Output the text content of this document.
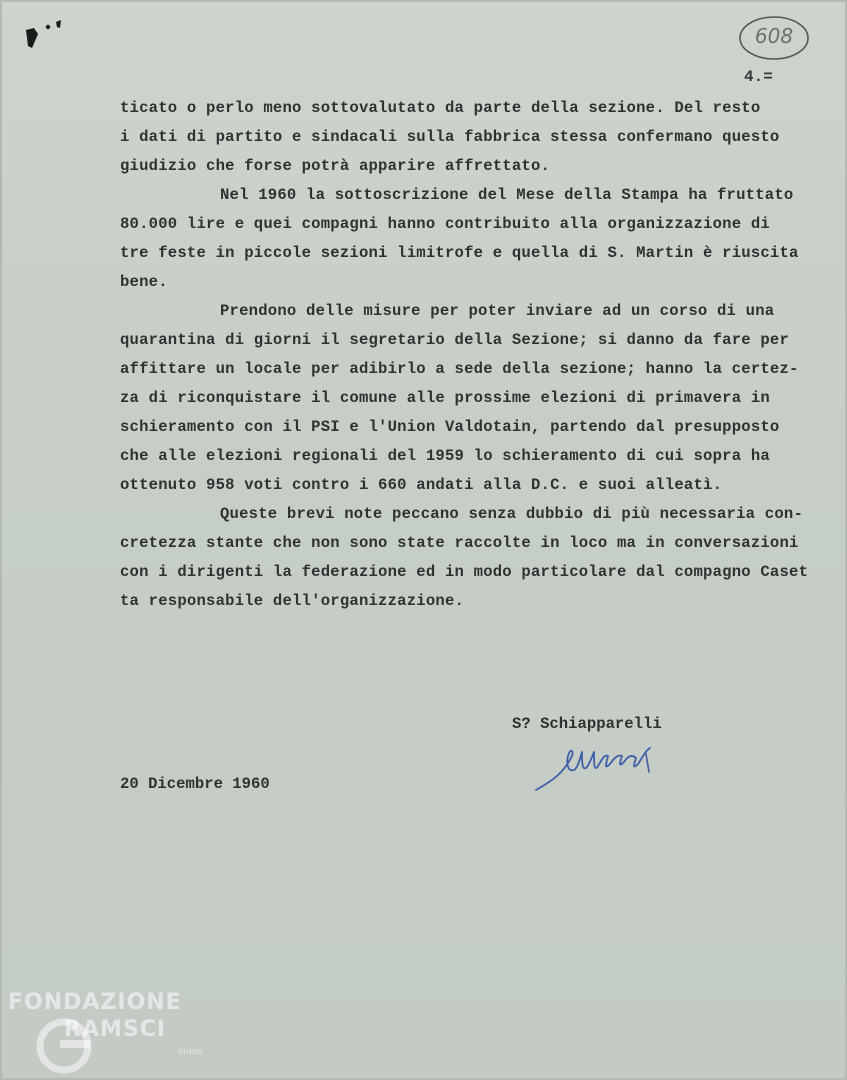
608
4.=
ticato o perlo meno sottovalutato da parte della sezione. Del resto
i dati di partito e sindacali sulla fabbrica stessa confermano questo
giudizio che forse potrà apparire affrettato.
Nel 1960 la sottoscrizione del Mese della Stampa ha fruttato
80.000 lire e quei compagni hanno contribuito alla organizzazione di
tre feste in piccole sezioni limitrofe e quella di S. Martin è riuscita
bene.
Prendono delle misure per poter inviare ad un corso di una
quarantina di giorni il segretario della Sezione; si danno da fare per
affittare un locale per adibirlo a sede della sezione; hanno la certez-
za di riconquistare il comune alle prossime elezioni di primavera in
schieramento con il PSI e l'Union Valdotain, partendo dal presupposto
che alle elezioni regionali del 1959 lo schieramento di cui sopra ha
ottenuto 958 voti contro i 660 andati alla D.C. e suoi alleatì.
Queste brevi note peccano senza dubbio di più necessaria con-
cretezza stante che non sono state raccolte in loco ma in conversazioni
con i dirigenti la federazione ed in modo particolare dal compagno Caset
ta responsabile dell'organizzazione.
S? Schiapparelli
20 Dicembre 1960
FONDAZIONE
RAMSCI
onlus
